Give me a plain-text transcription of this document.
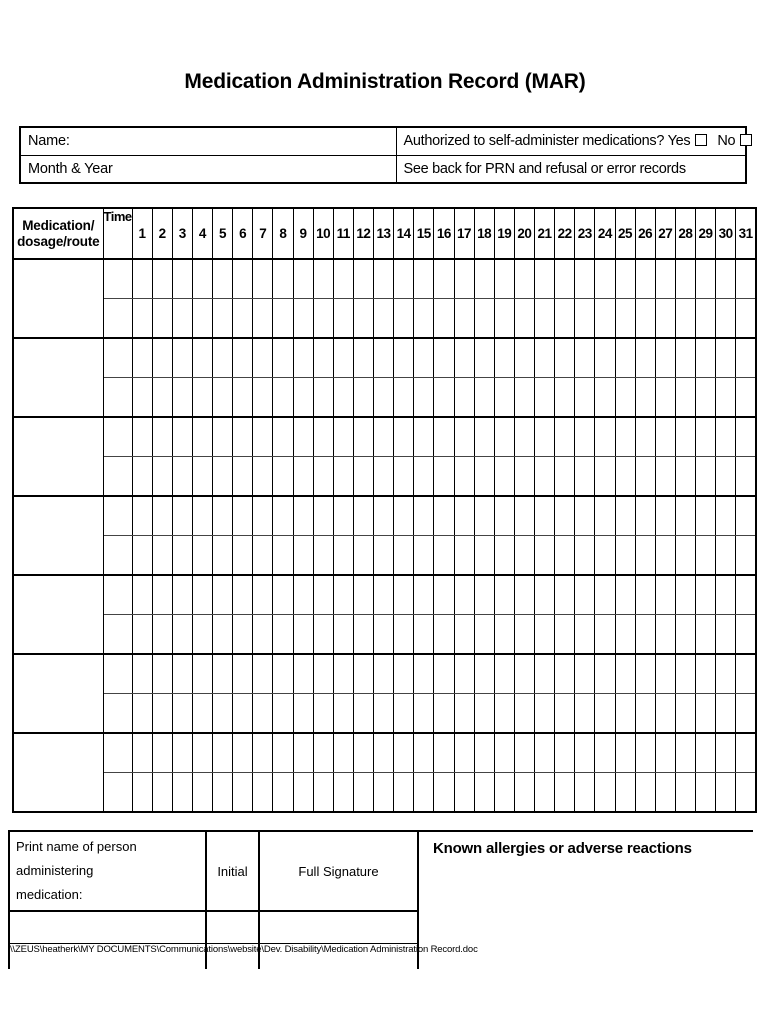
Medication Administration Record (MAR)
Name:	Authorized to self-administer medications? Yes No
Month & Year	See back for PRN and refusal or error records
Medication/
dosage/route	Time	1	2	3	4	5	6	7	8	9	10	11	12	13	14	15	16	17	18	19	20	21	22	23	24	25	26	27	28	29	30	31

Print name of person administering
medication:	Initial	Full Signature

Known allergies or adverse reactions
\\ZEUS\heatherk\MY DOCUMENTS\Communications\website\Dev. Disability\Medication Administration Record.doc
